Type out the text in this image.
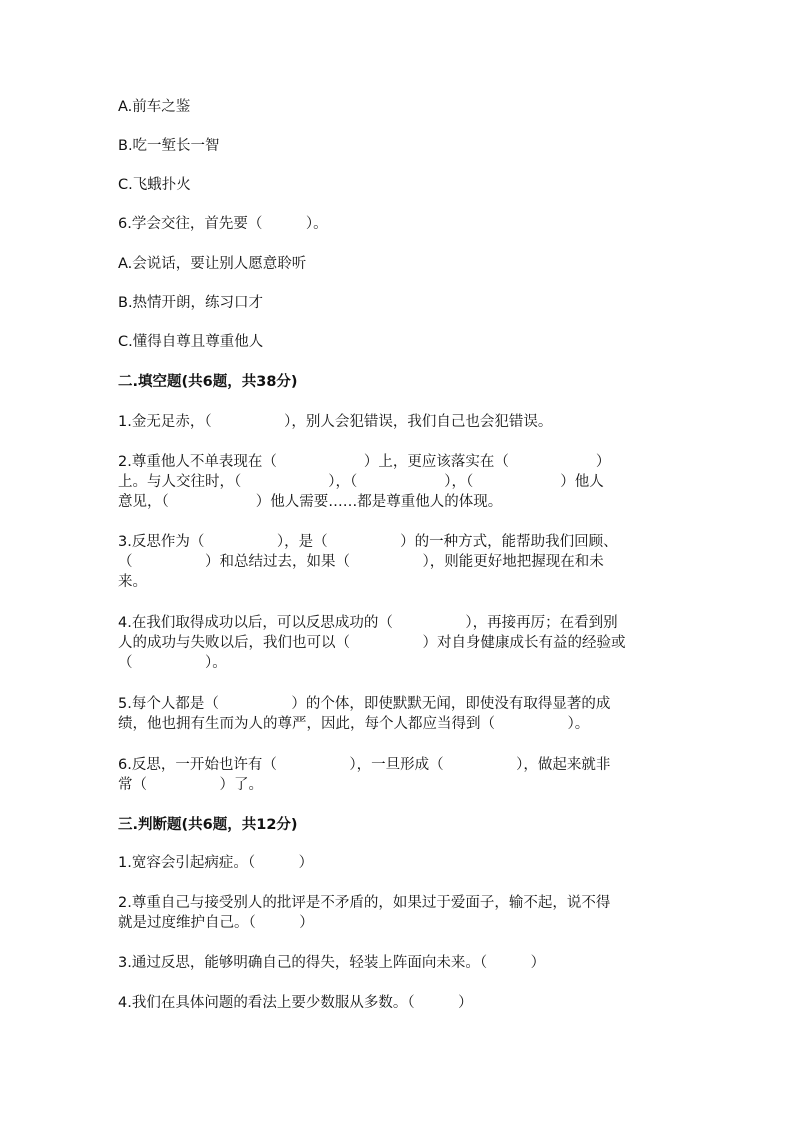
A.前车之鉴
B.吃一堑长一智
C.飞蛾扑火
6.学会交往，首先要（　　　）。
A.会说话，要让别人愿意聆听
B.热情开朗，练习口才
C.懂得自尊且尊重他人
二.填空题(共6题，共38分)
1.金无足赤，（　　　　　），别人会犯错误，我们自己也会犯错误。
2.尊重他人不单表现在（　　　　　　）上，更应该落实在（　　　　　　）
上。与人交往时，（　　　　　　），（　　　　　　），（　　　　　　）他人
意见，（　　　　　　）他人需要……都是尊重他人的体现。
3.反思作为（　　　　　），是（　　　　　）的一种方式，能帮助我们回顾、
（　　　　　）和总结过去，如果（　　　　　），则能更好地把握现在和未
来。
4.在我们取得成功以后，可以反思成功的（　　　　　），再接再厉；在看到别
人的成功与失败以后，我们也可以（　　　　　）对自身健康成长有益的经验或
（　　　　　）。
5.每个人都是（　　　　　）的个体，即使默默无闻，即使没有取得显著的成
绩，他也拥有生而为人的尊严，因此，每个人都应当得到（　　　　　）。
6.反思，一开始也许有（　　　　　），一旦形成（　　　　　），做起来就非
常（　　　　　）了。
三.判断题(共6题，共12分)
1.宽容会引起病症。（　　　）
2.尊重自己与接受别人的批评是不矛盾的，如果过于爱面子，输不起，说不得
就是过度维护自己。（　　　）
3.通过反思，能够明确自己的得失，轻装上阵面向未来。（　　　）
4.我们在具体问题的看法上要少数服从多数。（　　　）
